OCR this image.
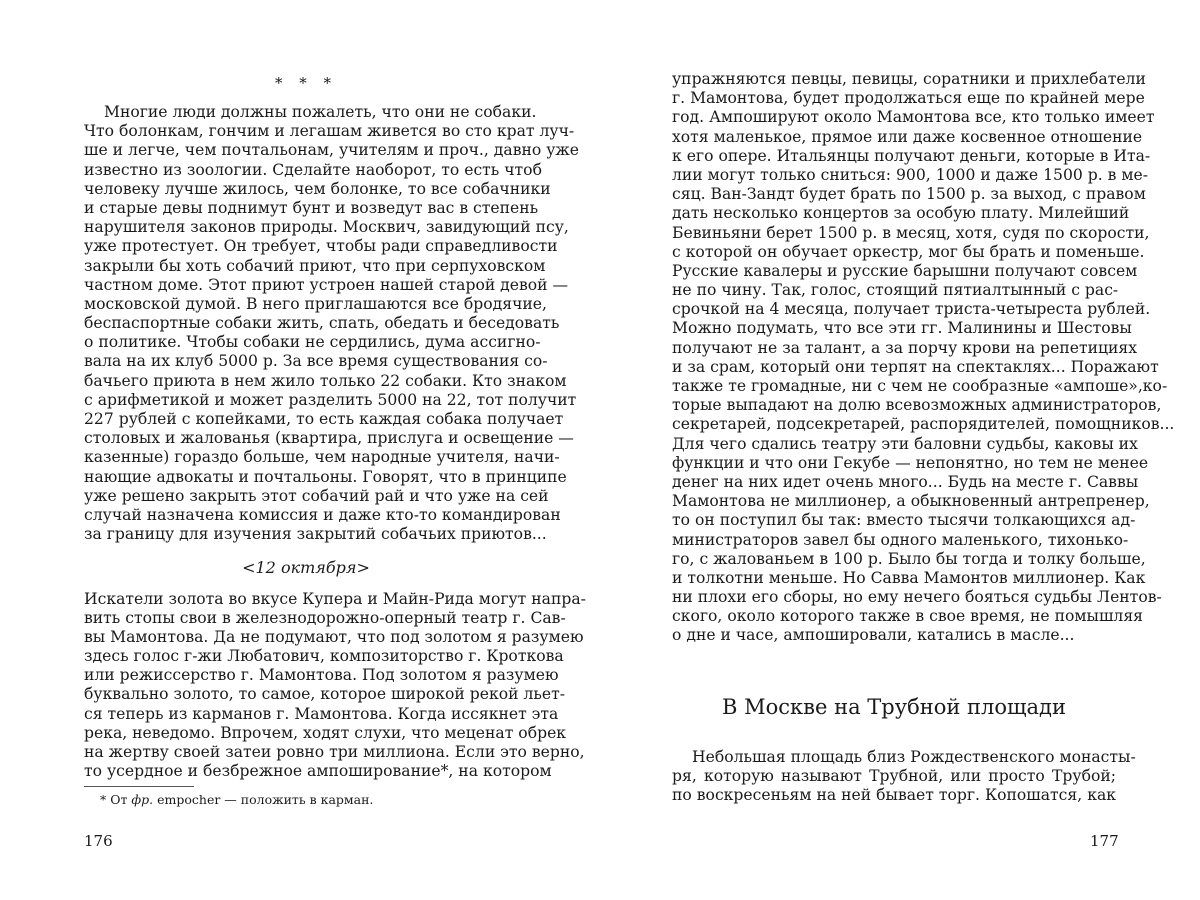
* * *
Многие люди должны пожалеть, что они не собаки.
Что болонкам, гончим и легашам живется во сто крат луч-
ше и легче, чем почтальонам, учителям и проч., давно уже
известно из зоологии. Сделайте наоборот, то есть чтоб
человеку лучше жилось, чем болонке, то все собачники
и старые девы поднимут бунт и возведут вас в степень
нарушителя законов природы. Москвич, завидующий псу,
уже протестует. Он требует, чтобы ради справедливости
закрыли бы хоть собачий приют, что при серпуховском
частном доме. Этот приют устроен нашей старой девой —
московской думой. В него приглашаются все бродячие,
беспаспортные собаки жить, спать, обедать и беседовать
о политике. Чтобы собаки не сердились, дума ассигно-
вала на их клуб 5000 р. За все время существования со-
бачьего приюта в нем жило только 22 собаки. Кто знаком
с арифметикой и может разделить 5000 на 22, тот получит
227 рублей с копейками, то есть каждая собака получает
столовых и жалованья (квартира, прислуга и освещение —
казенные) гораздо больше, чем народные учителя, начи-
нающие адвокаты и почтальоны. Говорят, что в принципе
уже решено закрыть этот собачий рай и что уже на сей
случай назначена комиссия и даже кто-то командирован
за границу для изучения закрытий собачьих приютов...
<12 октября>
Искатели золота во вкусе Купера и Майн-Рида могут напра-
вить стопы свои в железнодорожно-оперный театр г. Сав-
вы Мамонтова. Да не подумают, что под золотом я разумею
здесь голос г-жи Любатович, композиторство г. Кроткова
или режиссерство г. Мамонтова. Под золотом я разумею
буквально золото, то самое, которое широкой рекой льет-
ся теперь из карманов г. Мамонтова. Когда иссякнет эта
река, неведомо. Впрочем, ходят слухи, что меценат обрек
на жертву своей затеи ровно три миллиона. Если это верно,
то усердное и безбрежное ампоширование*, на котором
* От фр. empocher — положить в карман.
176
упражняются певцы, певицы, соратники и прихлебатели
г. Мамонтова, будет продолжаться еще по крайней мере
год. Ампошируют около Мамонтова все, кто только имеет
хотя маленькое, прямое или даже косвенное отношение
к его опере. Итальянцы получают деньги, которые в Ита-
лии могут только сниться: 900, 1000 и даже 1500 р. в ме-
сяц. Ван-Зандт будет брать по 1500 р. за выход, с правом
дать несколько концертов за особую плату. Милейший
Бевиньяни берет 1500 р. в месяц, хотя, судя по скорости,
с которой он обучает оркестр, мог бы брать и поменьше.
Русские кавалеры и русские барышни получают совсем
не по чину. Так, голос, стоящий пятиалтынный с рас-
срочкой на 4 месяца, получает триста-четыреста рублей.
Можно подумать, что все эти гг. Малинины и Шестовы
получают не за талант, а за порчу крови на репетициях
и за срам, который они терпят на спектаклях... Поражают
также те громадные, ни с чем не сообразные «ампоше»,ко-
торые выпадают на долю всевозможных администраторов,
секретарей, подсекретарей, распорядителей, помощников...
Для чего сдались театру эти баловни судьбы, каковы их
функции и что они Гекубе — непонятно, но тем не менее
денег на них идет очень много... Будь на месте г. Саввы
Мамонтова не миллионер, а обыкновенный антрепренер,
то он поступил бы так: вместо тысячи толкающихся ад-
министраторов завел бы одного маленького, тихонько-
го, с жалованьем в 100 р. Было бы тогда и толку больше,
и толкотни меньше. Но Савва Мамонтов миллионер. Как
ни плохи его сборы, но ему нечего бояться судьбы Лентов-
ского, около которого также в свое время, не помышляя
о дне и часе, ампошировали, катались в масле...
В Москве на Трубной площади
Небольшая площадь близ Рождественского монасты-
ря, которую называют Трубной, или просто Трубой;
по воскресеньям на ней бывает торг. Копошатся, как
177
